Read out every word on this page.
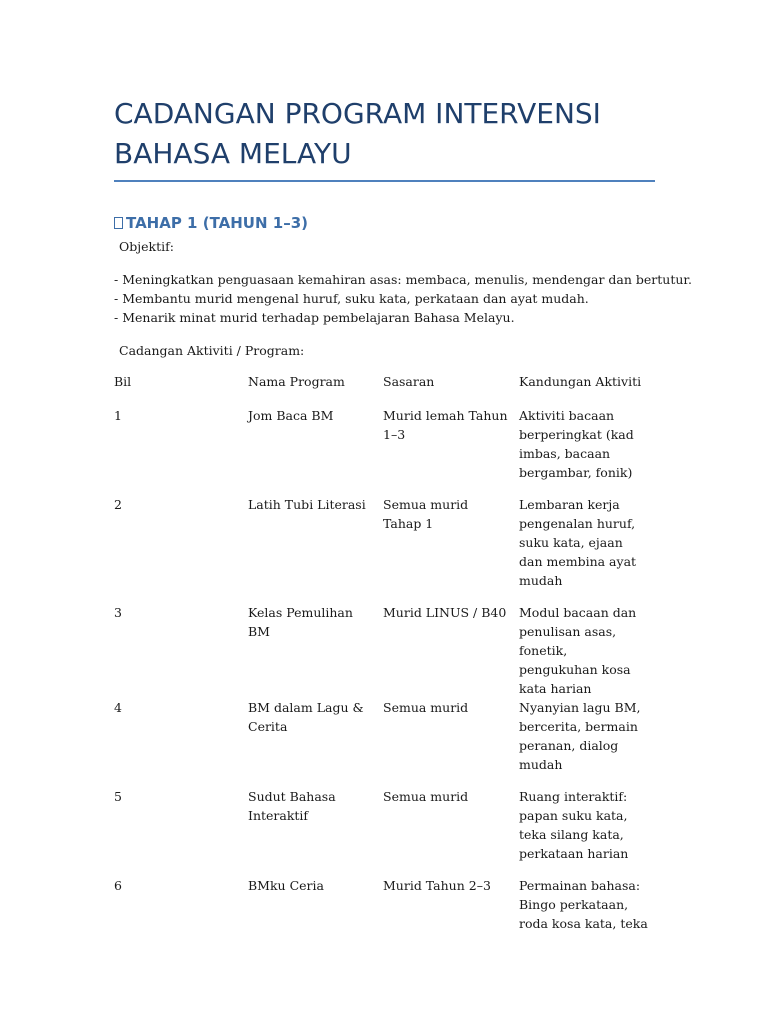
CADANGAN PROGRAM INTERVENSI
BAHASA MELAYU
TAHAP 1 (TAHUN 1–3)
Objektif:
- Meningkatkan penguasaan kemahiran asas: membaca, menulis, mendengar dan bertutur.
- Membantu murid mengenal huruf, suku kata, perkataan dan ayat mudah.
- Menarik minat murid terhadap pembelajaran Bahasa Melayu.
Cadangan Aktiviti / Program:
Bil	Nama Program	Sasaran	Kandungan Aktiviti
1	Jom Baca BM	Murid lemah Tahun 1–3	Aktiviti bacaan berperingkat (kad imbas, bacaan bergambar, fonik)

2	Latih Tubi Literasi	Semua murid Tahap 1	Lembaran kerja pengenalan huruf, suku kata, ejaan dan membina ayat mudah

3	Kelas Pemulihan BM	Murid LINUS / B40	Modul bacaan dan penulisan asas, fonetik, pengukuhan kosa kata harian

4	BM dalam Lagu & Cerita	Semua murid	Nyanyian lagu BM, bercerita, bermain peranan, dialog mudah

5	Sudut Bahasa Interaktif	Semua murid	Ruang interaktif: papan suku kata, teka silang kata, perkataan harian

6	BMku Ceria	Murid Tahun 2–3	Permainan bahasa: Bingo perkataan, roda kosa kata, teka
